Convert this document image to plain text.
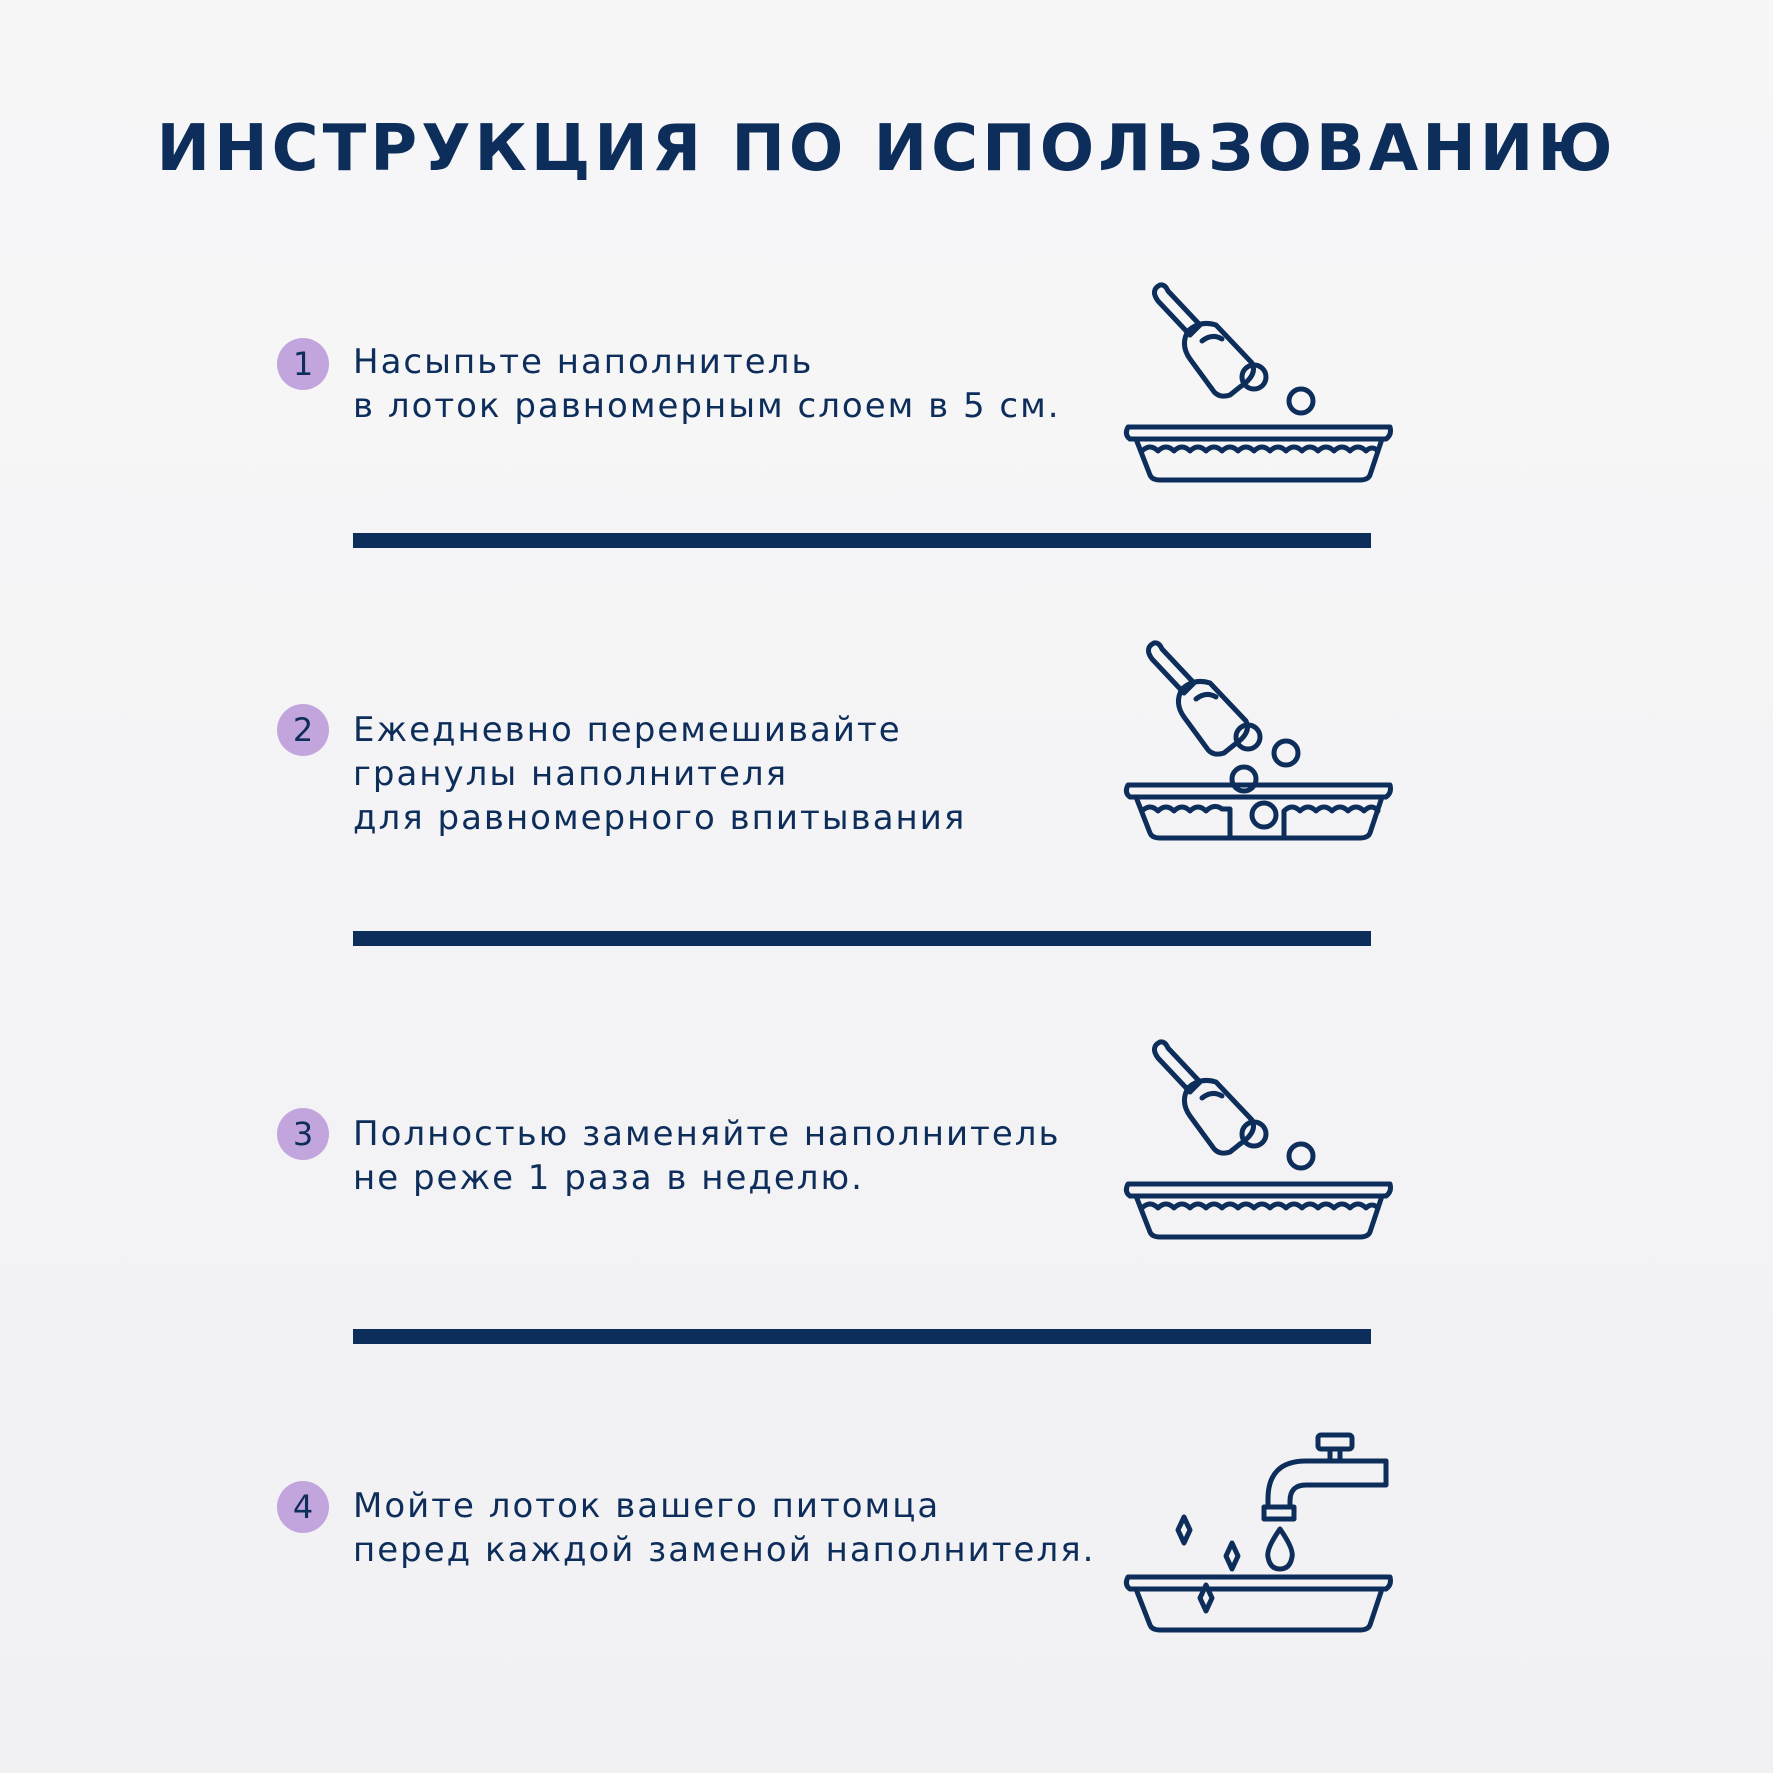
ИНСТРУКЦИЯ ПО ИСПОЛЬЗОВАНИЮ
1	Насыпьте наполнитель
в лоток равномерным слоем в 5 см.
2	Ежедневно перемешивайте
гранулы наполнителя
для равномерного впитывания
3	Полностью заменяйте наполнитель
не реже 1 раза в неделю.
4	Мойте лоток вашего питомца
перед каждой заменой наполнителя.
